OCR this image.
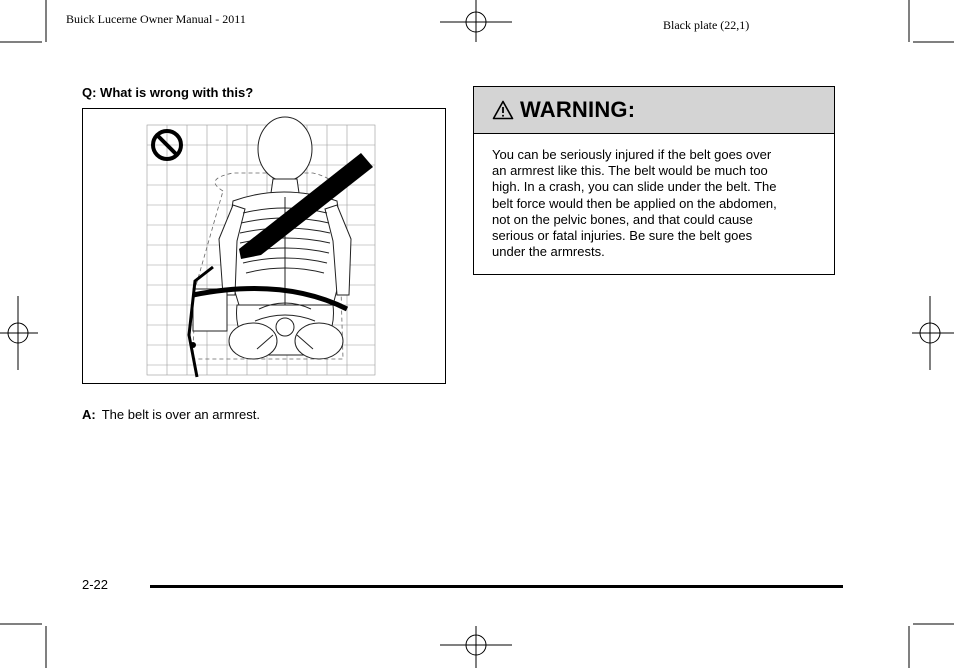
Buick Lucerne Owner Manual - 2011	Black plate (22,1)
Q: What is wrong with this?
A: The belt is over an armrest.
WARNING:
You can be seriously injured if the belt goes over
an armrest like this. The belt would be much too
high. In a crash, you can slide under the belt. The
belt force would then be applied on the abdomen,
not on the pelvic bones, and that could cause
serious or fatal injuries. Be sure the belt goes
under the armrests.
2-22
